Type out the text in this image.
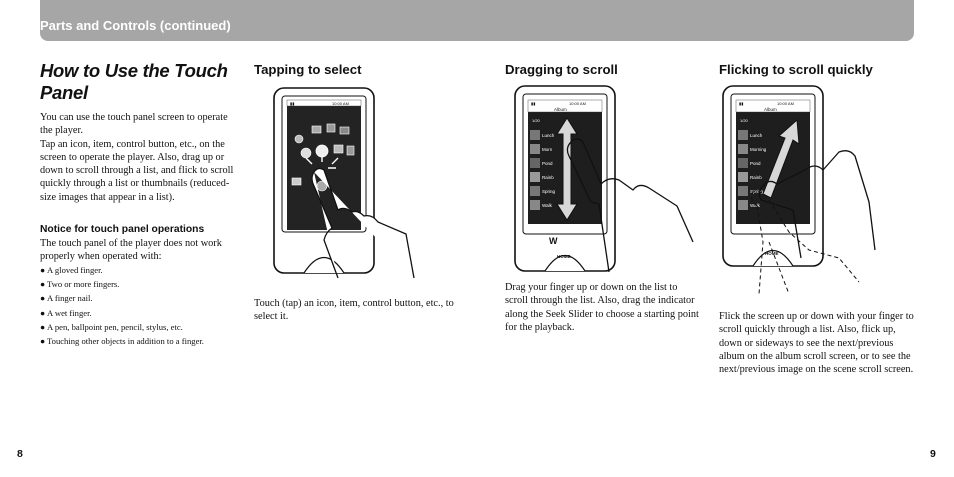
Parts and Controls (continued)
How to Use the Touch Panel

You can use the touch panel screen to operate the player.

Tap an icon, item, control button, etc., on the screen to operate the player. Also, drag up or down to scroll through a list, and flick to scroll quickly through a list or thumbnails (reduced-size images that appear in a list).

Notice for touch panel operations
The touch panel of the player does not work properly when operated with:
● A gloved finger.
● Two or more fingers.
● A finger nail.
● A wet finger.
● A pen, ballpoint pen, pencil, stylus, etc.
● Touching other objects in addition to a finger.
Tapping to select
▮▮	10:00 AM
Touch (tap) an icon, item, control button, etc., to select it.
Dragging to scroll
▮▮	10:00 AM
Album
1/20
Lunch
Morn
Pond
Rainb
Spring
Walk
HOME
W
Drag your finger up or down on the list to scroll through the list. Also, drag the indicator along the Seek Slider to choose a starting point for the playback.
Flicking to scroll quickly
▮▮	10:00 AM
Album
1/20
Lunch
Morning
Pond
Rainb
Spring
Walk
HOME
Flick the screen up or down with your finger to scroll quickly through a list. Also, flick up, down or sideways to see the next/previous album on the album scroll screen, or to see the next/previous image on the scene scroll screen.
8	9
